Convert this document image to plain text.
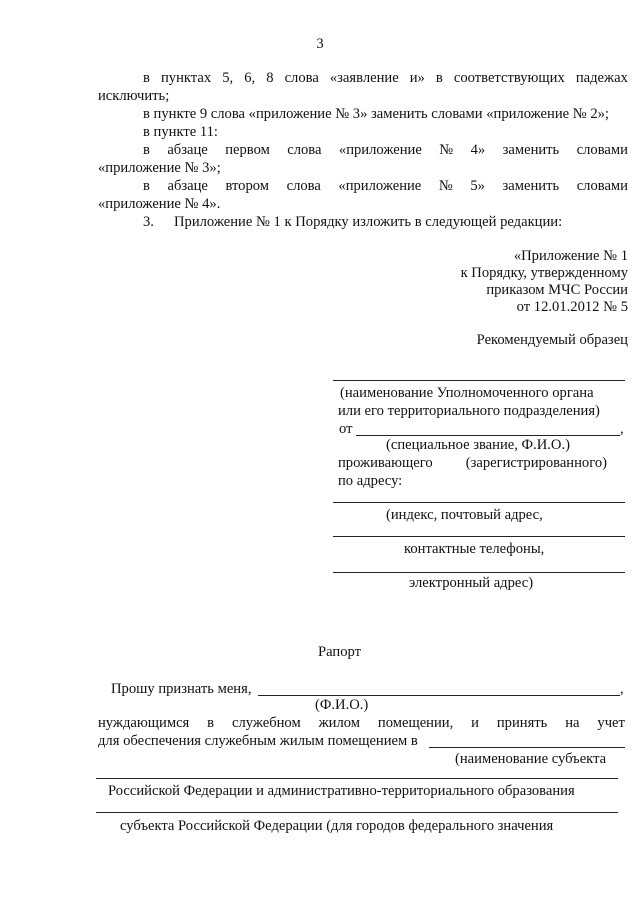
3
в пунктах 5, 6, 8 слова «заявление и» в соответствующих падежах
исключить;
в пункте 9 слова «приложение № 3» заменить словами «приложение № 2»;
в пункте 11:
в абзаце первом слова «приложение № 4» заменить словами
«приложение № 3»;
в абзаце втором слова «приложение № 5» заменить словами
«приложение № 4».
3. Приложение № 1 к Порядку изложить в следующей редакции:
«Приложение № 1
к Порядку, утвержденному
приказом МЧС России
от 12.01.2012 № 5
Рекомендуемый образец
(наименование Уполномоченного органа
или его территориального подразделения)
от	,
(специальное звание, Ф.И.О.)
проживающего (зарегистрированного)
по адресу:
(индекс, почтовый адрес,
контактные телефоны,
электронный адрес)
Рапорт
Прошу признать меня,	,
(Ф.И.О.)
нуждающимся в служебном жилом помещении, и принять на учет
для обеспечения служебным жилым помещением в
(наименование субъекта
Российской Федерации и административно-территориального образования
субъекта Российской Федерации (для городов федерального значения
